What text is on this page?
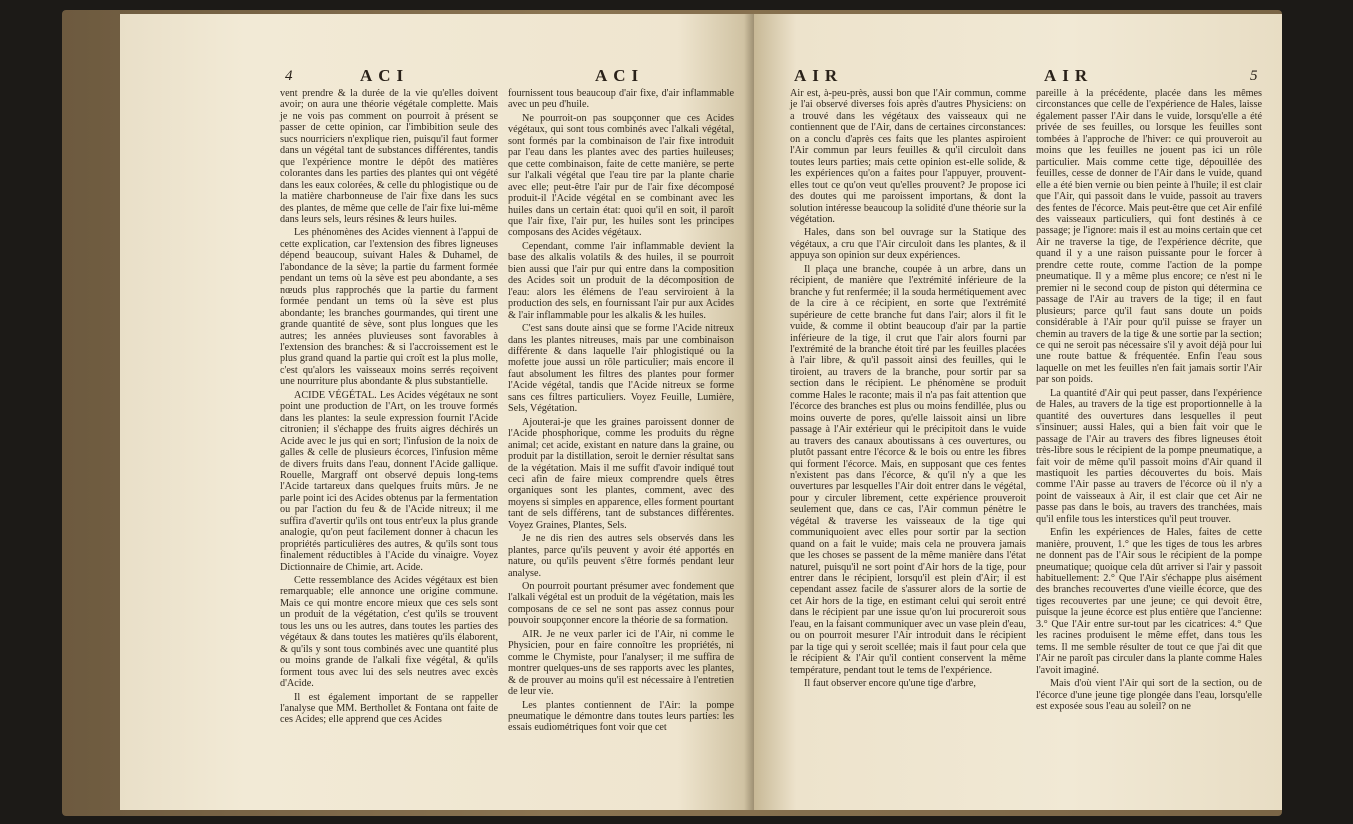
4	ACI	ACI

vent prendre & la durée de la vie qu'elles doivent avoir; on aura une théorie végétale complette. Mais je ne vois pas comment on pourroit à présent se passer de cette opinion, car l'imbibition seule des sucs nourriciers n'explique rien, puisqu'il faut former dans un végétal tant de substances différentes, tandis que l'expérience montre le dépôt des matières colorantes dans les parties des plantes qui ont végété dans les eaux colorées, & celle du phlogistique ou de la matière charbonneuse de l'air fixe dans les sucs des plantes, de même que celle de l'air fixe lui-même dans leurs sels, leurs résines & leurs huiles.

Les phénomènes des Acides viennent à l'appui de cette explication, car l'extension des fibres ligneuses dépend beaucoup, suivant Hales & Duhamel, de l'abondance de la sève; la partie du farment formée pendant un tems où la sève est peu abondante, a ses nœuds plus rapprochés que la partie du farment formée pendant un tems où la sève est plus abondante; les branches gourmandes, qui tirent une grande quantité de sève, sont plus longues que les autres; les années pluvieuses sont favorables à l'extension des branches: & si l'accroissement est le plus grand quand la partie qui croît est la plus molle, c'est qu'alors les vaisseaux moins serrés reçoivent une nourriture plus abondante & plus substantielle.

ACIDE VÉGÉTAL. Les Acides végétaux ne sont point une production de l'Art, on les trouve formés dans les plantes: la seule expression fournit l'Acide citronien; il s'échappe des fruits aigres déchirés un Acide avec le jus qui en sort; l'infusion de la noix de galles & celle de plusieurs écorces, l'infusion même de divers fruits dans l'eau, donnent l'Acide gallique. Rouelle, Margraff ont observé depuis long-tems l'Acide tartareux dans quelques fruits mûrs. Je ne parle point ici des Acides obtenus par la fermentation ou par l'action du feu & de l'Acide nitreux; il me suffira d'avertir qu'ils ont tous entr'eux la plus grande analogie, qu'on peut facilement donner à chacun les propriétés particulières des autres, & qu'ils sont tous finalement réductibles à l'Acide du vinaigre. Voyez Dictionnaire de Chimie, art. Acide.

Cette ressemblance des Acides végétaux est bien remarquable; elle annonce une origine commune. Mais ce qui montre encore mieux que ces sels sont un produit de la végétation, c'est qu'ils se trouvent tous les uns ou les autres, dans toutes les parties des végétaux & dans toutes les matières qu'ils élaborent, & qu'ils y sont tous combinés avec une quantité plus ou moins grande de l'alkali fixe végétal, & qu'ils forment tous avec lui des sels neutres avec excès d'Acide.

Il est également important de se rappeller l'analyse que MM. Berthollet & Fontana ont faite de ces Acides; elle apprend que ces Acides

fournissent tous beaucoup d'air fixe, d'air inflammable avec un peu d'huile.

Ne pourroit-on pas soupçonner que ces Acides végétaux, qui sont tous combinés avec l'alkali végétal, sont formés par la combinaison de l'air fixe introduit par l'eau dans les plantes avec des parties huileuses; que cette combinaison, faite de cette manière, se perte sur l'alkali végétal que l'eau tire par la plante charie avec elle; peut-être l'air pur de l'air fixe décomposé produit-il l'Acide végétal en se combinant avec les huiles dans un certain état: quoi qu'il en soit, il paroît que l'air fixe, l'air pur, les huiles sont les principes composans des Acides végétaux.

Cependant, comme l'air inflammable devient la base des alkalis volatils & des huiles, il se pourroit bien aussi que l'air pur qui entre dans la composition des Acides soit un produit de la décomposition de l'eau: alors les élémens de l'eau serviroient à la production des sels, en fournissant l'air pur aux Acides & l'air inflammable pour les alkalis & les huiles.

C'est sans doute ainsi que se forme l'Acide nitreux dans les plantes nitreuses, mais par une combinaison différente & dans laquelle l'air phlogistiqué ou la mofette joue aussi un rôle particulier; mais encore il faut absolument les filtres des plantes pour former l'Acide végétal, tandis que l'Acide nitreux se forme sans ces filtres particuliers. Voyez Feuille, Lumière, Sels, Végétation.

Ajouterai-je que les graines paroissent donner de l'Acide phosphorique, comme les produits du règne animal; cet acide, existant en nature dans la graine, ou produit par la distillation, seroit le dernier résultat sans de la végétation. Mais il me suffit d'avoir indiqué tout ceci afin de faire mieux comprendre quels êtres organiques sont les plantes, comment, avec des moyens si simples en apparence, elles forment pourtant tant de sels différens, tant de substances différentes. Voyez Graines, Plantes, Sels.

Je ne dis rien des autres sels observés dans les plantes, parce qu'ils peuvent y avoir été apportés en nature, ou qu'ils peuvent s'être formés pendant leur analyse.

On pourroit pourtant présumer avec fondement que l'alkali végétal est un produit de la végétation, mais les composans de ce sel ne sont pas assez connus pour pouvoir soupçonner encore la théorie de sa formation.

AIR. Je ne veux parler ici de l'Air, ni comme le Physicien, pour en faire connoître les propriétés, ni comme le Chymiste, pour l'analyser; il me suffira de montrer quelques-uns de ses rapports avec les plantes, & de prouver au moins qu'il est nécessaire à l'entretien de leur vie.

Les plantes contiennent de l'Air: la pompe pneumatique le démontre dans toutes leurs parties: les essais eudiométriques font voir que cet

AIR	AIR	5

Air est, à-peu-près, aussi bon que l'Air commun, comme je l'ai observé diverses fois après d'autres Physiciens: on a trouvé dans les végétaux des vaisseaux qui ne contiennent que de l'Air, dans de certaines circonstances: on a conclu d'après ces faits que les plantes aspiroient l'Air commun par leurs feuilles & qu'il circuloit dans toutes leurs parties; mais cette opinion est-elle solide, & les expériences qu'on a faites pour l'appuyer, prouvent-elles tout ce qu'on veut qu'elles prouvent? Je propose ici des doutes qui me paroissent importans, & dont la solution intéresse beaucoup la solidité d'une théorie sur la végétation.

Hales, dans son bel ouvrage sur la Statique des végétaux, a cru que l'Air circuloit dans les plantes, & il appuya son opinion sur deux expériences.

Il plaça une branche, coupée à un arbre, dans un récipient, de manière que l'extrémité inférieure de la branche y fut renfermée; il la souda hermétiquement avec de la cire à ce récipient, en sorte que l'extrémité supérieure de cette branche fut dans l'air; alors il fit le vuide, & comme il obtint beaucoup d'air par la partie inférieure de la tige, il crut que l'air alors fourni par l'extrémité de la branche étoit tiré par les feuilles placées à l'air libre, & qu'il passoit ainsi des feuilles, qui le tiroient, au travers de la branche, pour sortir par sa section dans le récipient. Le phénomène se produit comme Hales le raconte; mais il n'a pas fait attention que l'écorce des branches est plus ou moins fendillée, plus ou moins ouverte de pores, qu'elle laissoit ainsi un libre passage à l'Air extérieur qui le précipitoit dans le vuide au travers des canaux aboutissans à ces ouvertures, ou plutôt passant entre l'écorce & le bois ou entre les fibres qui forment l'écorce. Mais, en supposant que ces fentes n'existent pas dans l'écorce, & qu'il n'y a que les ouvertures par lesquelles l'Air doit entrer dans le végétal, pour y circuler librement, cette expérience prouveroit seulement que, dans ce cas, l'Air commun pénètre le végétal & traverse les vaisseaux de la tige qui communiquoient avec elles pour sortir par la section quand on a fait le vuide; mais cela ne prouvera jamais que les choses se passent de la même manière dans l'état naturel, puisqu'il ne sort point d'Air hors de la tige, pour entrer dans le récipient, lorsqu'il est plein d'Air; il est cependant assez facile de s'assurer alors de la sortie de cet Air hors de la tige, en estimant celui qui seroit entré dans le récipient par une issue qu'on lui procureroit sous l'eau, en la faisant communiquer avec un vase plein d'eau, ou on pourroit mesurer l'Air introduit dans le récipient par la tige qui y seroit scellée; mais il faut pour cela que le récipient & l'Air qu'il contient conservent la même température, pendant tout le tems de l'expérience.

Il faut observer encore qu'une tige d'arbre,

pareille à la précédente, placée dans les mêmes circonstances que celle de l'expérience de Hales, laisse également passer l'Air dans le vuide, lorsqu'elle a été privée de ses feuilles, ou lorsque les feuilles sont tombées à l'approche de l'hiver: ce qui prouveroit au moins que les feuilles ne jouent pas ici un rôle particulier. Mais comme cette tige, dépouillée des feuilles, cesse de donner de l'Air dans le vuide, quand elle a été bien vernie ou bien peinte à l'huile; il est clair que l'Air, qui passoit dans le vuide, passoit au travers des fentes de l'écorce. Mais peut-être que cet Air enfilé des vaisseaux particuliers, qui font destinés à ce passage; je l'ignore: mais il est au moins certain que cet Air ne traverse la tige, de l'expérience décrite, que quand il y a une raison puissante pour le forcer à prendre cette route, comme l'action de la pompe pneumatique. Il y a même plus encore; ce n'est ni le premier ni le second coup de piston qui détermina ce passage de l'Air au travers de la tige; il en faut plusieurs; parce qu'il faut sans doute un poids considérable à l'Air pour qu'il puisse se frayer un chemin au travers de la tige & une sortie par la section; ce qui ne seroit pas nécessaire s'il y avoit déjà pour lui une route battue & fréquentée. Enfin l'eau sous laquelle on met les feuilles n'en fait jamais sortir l'Air par son poids.

La quantité d'Air qui peut passer, dans l'expérience de Hales, au travers de la tige est proportionnelle à la quantité des ouvertures dans lesquelles il peut s'insinuer; aussi Hales, qui a bien fait voir que le passage de l'Air au travers des fibres ligneuses étoit très-libre sous le récipient de la pompe pneumatique, a fait voir de même qu'il passoit moins d'Air quand il mastiquoit les parties découvertes du bois. Mais comme l'Air passe au travers de l'écorce où il n'y a point de vaisseaux à Air, il est clair que cet Air ne passe pas dans le bois, au travers des tranchées, mais qu'il enfile tous les interstices qu'il peut trouver.

Enfin les expériences de Hales, faites de cette manière, prouvent, 1.° que les tiges de tous les arbres ne donnent pas de l'Air sous le récipient de la pompe pneumatique; quoique cela dût arriver si l'air y passoit habituellement: 2.° Que l'Air s'échappe plus aisément des branches recouvertes d'une vieille écorce, que des tiges recouvertes par une jeune; ce qui devoit être, puisque la jeune écorce est plus entière que l'ancienne: 3.° Que l'Air entre sur-tout par les cicatrices: 4.° Que les racines produisent le même effet, dans tous les tems. Il me semble résulter de tout ce que j'ai dit que l'Air ne paroît pas circuler dans la plante comme Hales l'avoit imaginé.

Mais d'où vient l'Air qui sort de la section, ou de l'écorce d'une jeune tige plongée dans l'eau, lorsqu'elle est exposée sous l'eau au soleil? on ne
